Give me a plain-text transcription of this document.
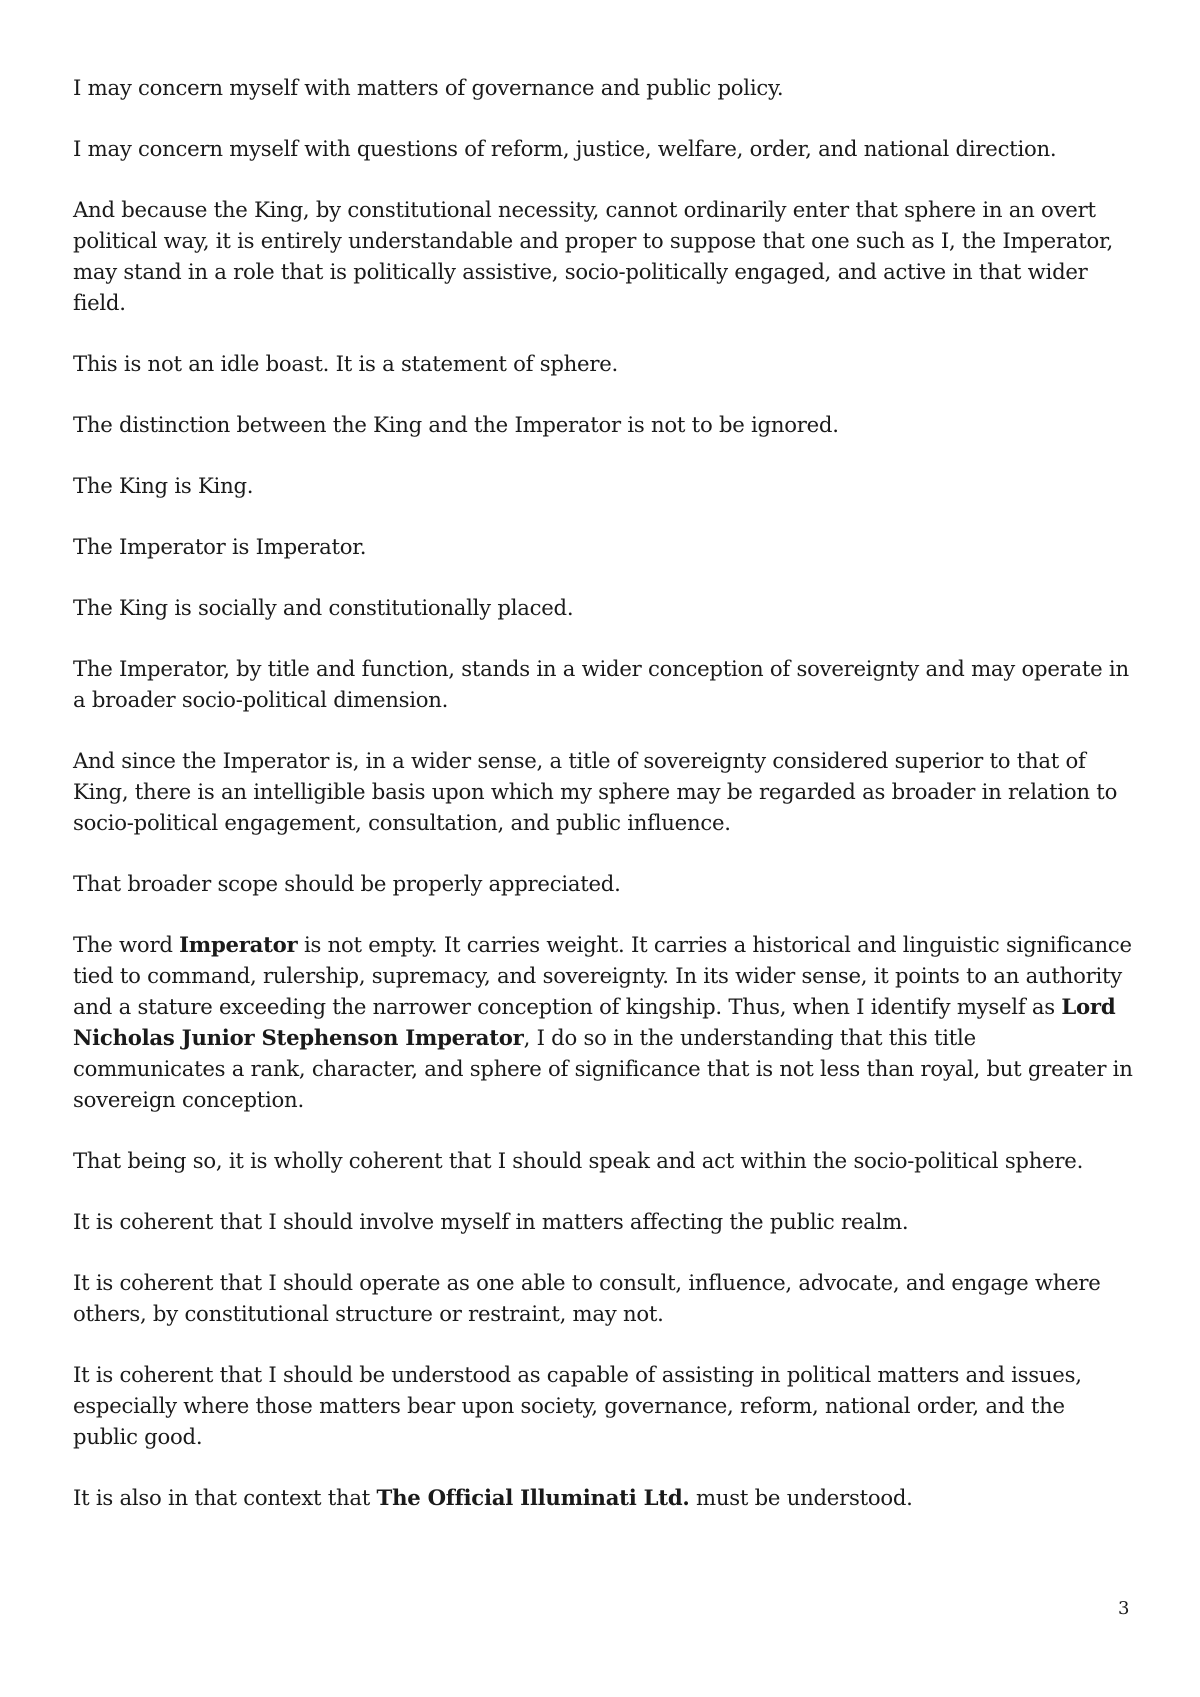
I may concern myself with matters of governance and public policy.

I may concern myself with questions of reform, justice, welfare, order, and national direction.

And because the King, by constitutional necessity, cannot ordinarily enter that sphere in an overt political way, it is entirely understandable and proper to suppose that one such as I, the Imperator, may stand in a role that is politically assistive, socio-politically engaged, and active in that wider field.

This is not an idle boast. It is a statement of sphere.

The distinction between the King and the Imperator is not to be ignored.

The King is King.

The Imperator is Imperator.

The King is socially and constitutionally placed.

The Imperator, by title and function, stands in a wider conception of sovereignty and may operate in a broader socio-political dimension.

And since the Imperator is, in a wider sense, a title of sovereignty considered superior to that of King, there is an intelligible basis upon which my sphere may be regarded as broader in relation to socio-political engagement, consultation, and public influence.

That broader scope should be properly appreciated.

The word Imperator is not empty. It carries weight. It carries a historical and linguistic significance tied to command, rulership, supremacy, and sovereignty. In its wider sense, it points to an authority and a stature exceeding the narrower conception of kingship. Thus, when I identify myself as Lord Nicholas Junior Stephenson Imperator, I do so in the understanding that this title communicates a rank, character, and sphere of significance that is not less than royal, but greater in sovereign conception.

That being so, it is wholly coherent that I should speak and act within the socio-political sphere.

It is coherent that I should involve myself in matters affecting the public realm.

It is coherent that I should operate as one able to consult, influence, advocate, and engage where others, by constitutional structure or restraint, may not.

It is coherent that I should be understood as capable of assisting in political matters and issues, especially where those matters bear upon society, governance, reform, national order, and the public good.

It is also in that context that The Official Illuminati Ltd. must be understood.

3
